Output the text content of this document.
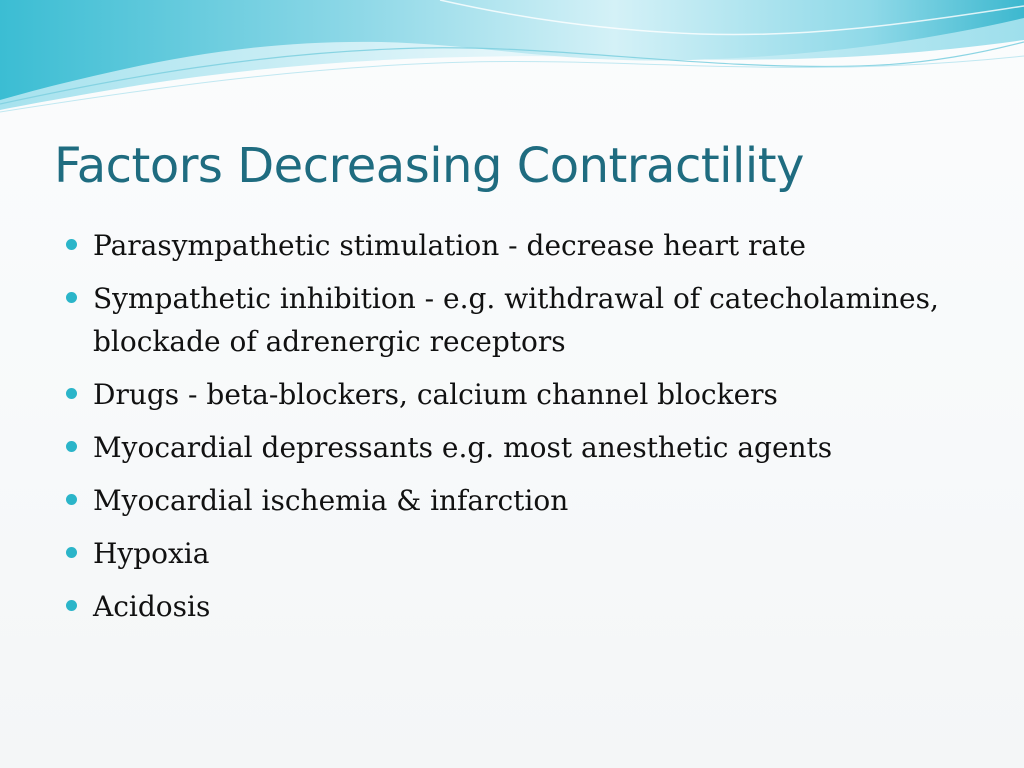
Factors Decreasing Contractility
Parasympathetic stimulation - decrease heart rate
Sympathetic inhibition - e.g. withdrawal of catecholamines, blockade of adrenergic receptors
Drugs - beta-blockers, calcium channel blockers
Myocardial depressants e.g. most anesthetic agents
Myocardial ischemia & infarction
Hypoxia
Acidosis
